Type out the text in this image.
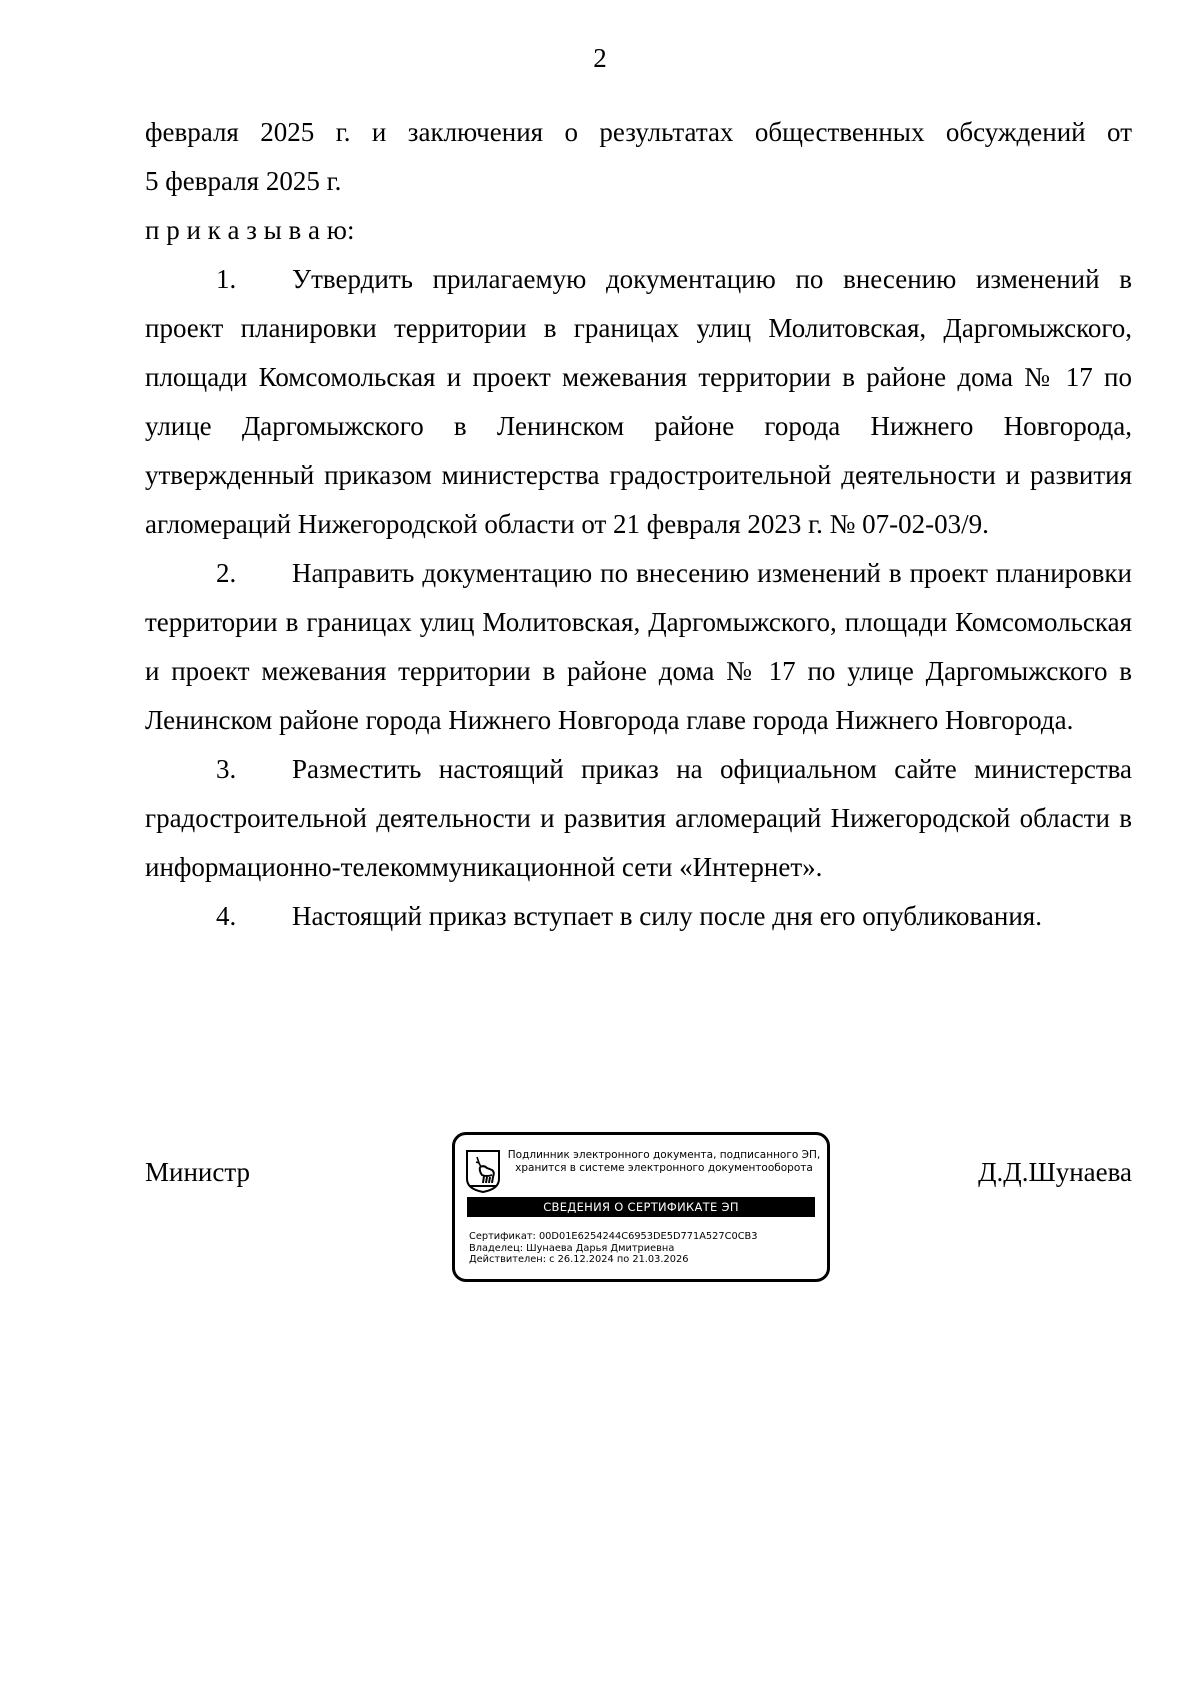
2

февраля 2025 г. и заключения о результатах общественных обсуждений от

5 февраля 2025 г.

п р и к а з ы в а ю:

1. Утвердить прилагаемую документацию по внесению изменений в проект планировки территории в границах улиц Молитовская, Даргомыжского, площади Комсомольская и проект межевания территории в районе дома № 17 по улице Даргомыжского в Ленинском районе города Нижнего Новгорода, утвержденный приказом министерства градостроительной деятельности и развития агломераций Нижегородской области от 21 февраля 2023 г. № 07-02-03/9.

2. Направить документацию по внесению изменений в проект планировки территории в границах улиц Молитовская, Даргомыжского, площади Комсомольская и проект межевания территории в районе дома № 17 по улице Даргомыжского в Ленинском районе города Нижнего Новгорода главе города Нижнего Новгорода.

3. Разместить настоящий приказ на официальном сайте министерства градостроительной деятельности и развития агломераций Нижегородской области в информационно-телекоммуникационной сети «Интернет».

4. Настоящий приказ вступает в силу после дня его опубликования.

Министр
Подлинник электронного документа, подписанного ЭП,
хранится в системе электронного документооборота
СВЕДЕНИЯ О СЕРТИФИКАТЕ ЭП
Сертификат: 00D01E6254244C6953DE5D771A527C0CB3
Владелец: Шунаева Дарья Дмитриевна
Действителен: с 26.12.2024 по 21.03.2026
Д.Д.Шунаева
